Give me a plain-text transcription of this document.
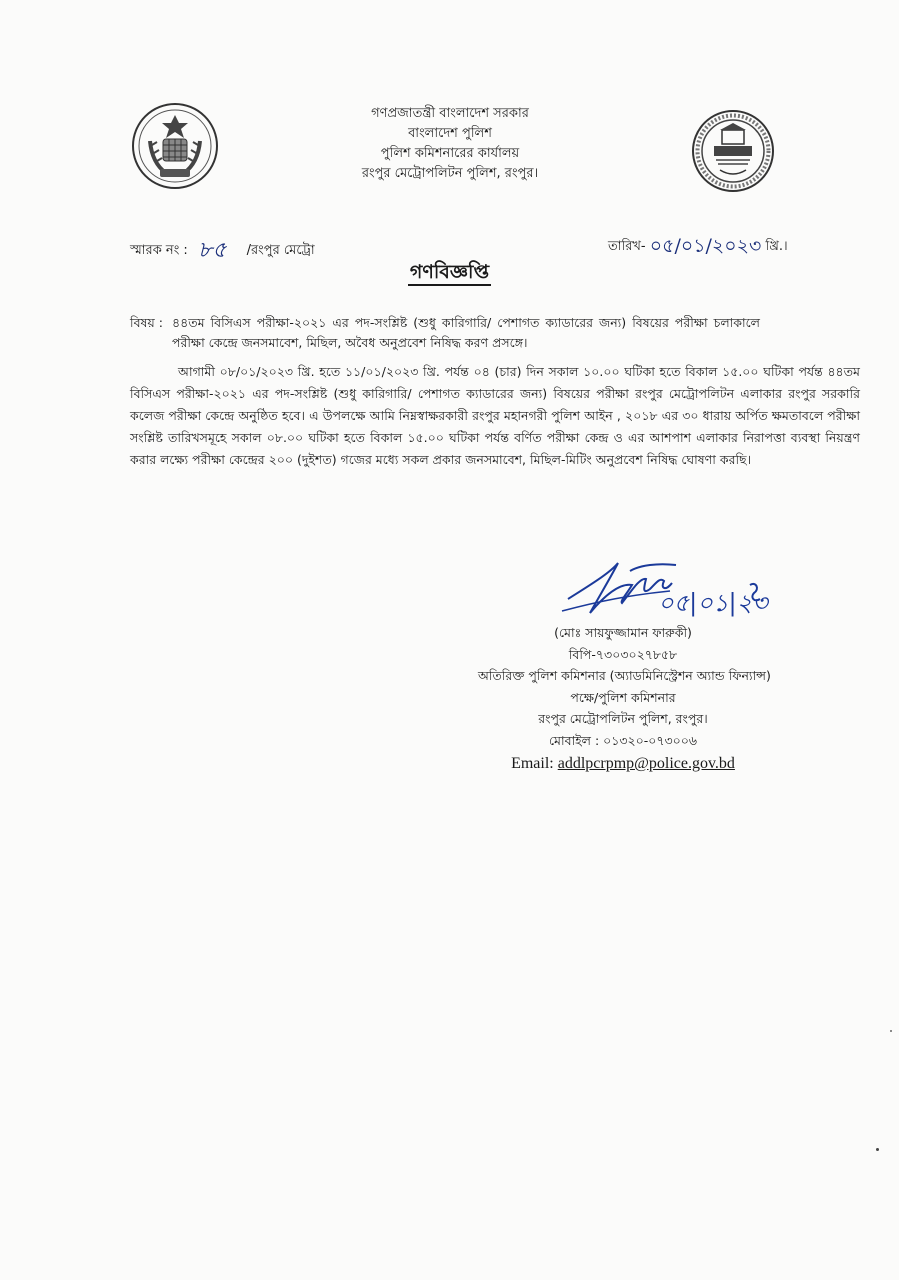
গণপ্রজাতন্ত্রী বাংলাদেশ সরকার
বাংলাদেশ পুলিশ
পুলিশ কমিশনারের কার্যালয়
রংপুর মেট্রোপলিটন পুলিশ, রংপুর।
স্মারক নং : ৮৫ /রংপুর মেট্রো	তারিখ- ০৫/০১/২০২৩ খ্রি.।
গণবিজ্ঞপ্তি
বিষয় : ৪৪তম বিসিএস পরীক্ষা-২০২১ এর পদ-সংশ্লিষ্ট (শুধু কারিগারি/ পেশাগত ক্যাডারের জন্য) বিষয়ের পরীক্ষা চলাকালে পরীক্ষা কেন্দ্রে জনসমাবেশ, মিছিল, অবৈধ অনুপ্রবেশ নিষিদ্ধ করণ প্রসঙ্গে।
আগামী ০৮/০১/২০২৩ খ্রি. হতে ১১/০১/২০২৩ খ্রি. পর্যন্ত ০৪ (চার) দিন সকাল ১০.০০ ঘটিকা হতে বিকাল ১৫.০০ ঘটিকা পর্যন্ত ৪৪তম বিসিএস পরীক্ষা-২০২১ এর পদ-সংশ্লিষ্ট (শুধু কারিগারি/ পেশাগত ক্যাডারের জন্য) বিষয়ের পরীক্ষা রংপুর মেট্রোপলিটন এলাকার রংপুর সরকারি কলেজ পরীক্ষা কেন্দ্রে অনুষ্ঠিত হবে। এ উপলক্ষে আমি নিম্নস্বাক্ষরকারী রংপুর মহানগরী পুলিশ আইন , ২০১৮ এর ৩০ ধারায় অর্পিত ক্ষমতাবলে পরীক্ষা সংশ্লিষ্ট তারিখসমূহে সকাল ০৮.০০ ঘটিকা হতে বিকাল ১৫.০০ ঘটিকা পর্যন্ত বর্ণিত পরীক্ষা কেন্দ্র ও এর আশপাশ এলাকার নিরাপত্তা ব্যবস্থা নিয়ন্ত্রণ করার লক্ষ্যে পরীক্ষা কেন্দ্রের ২০০ (দুইশত) গজের মধ্যে সকল প্রকার জনসমাবেশ, মিছিল-মিটিং অনুপ্রবেশ নিষিদ্ধ ঘোষণা করছি।
০৫|০১|২৩
(মোঃ সায়ফুজ্জামান ফারুকী)
বিপি-৭৩০৩০২৭৮৫৮
অতিরিক্ত পুলিশ কমিশনার (অ্যাডমিনিস্ট্রেশন অ্যান্ড ফিন্যান্স)
পক্ষে/পুলিশ কমিশনার
রংপুর মেট্রোপলিটন পুলিশ, রংপুর।
মোবাইল : ০১৩২০-০৭৩০০৬
Email: addlpcrpmp@police.gov.bd
